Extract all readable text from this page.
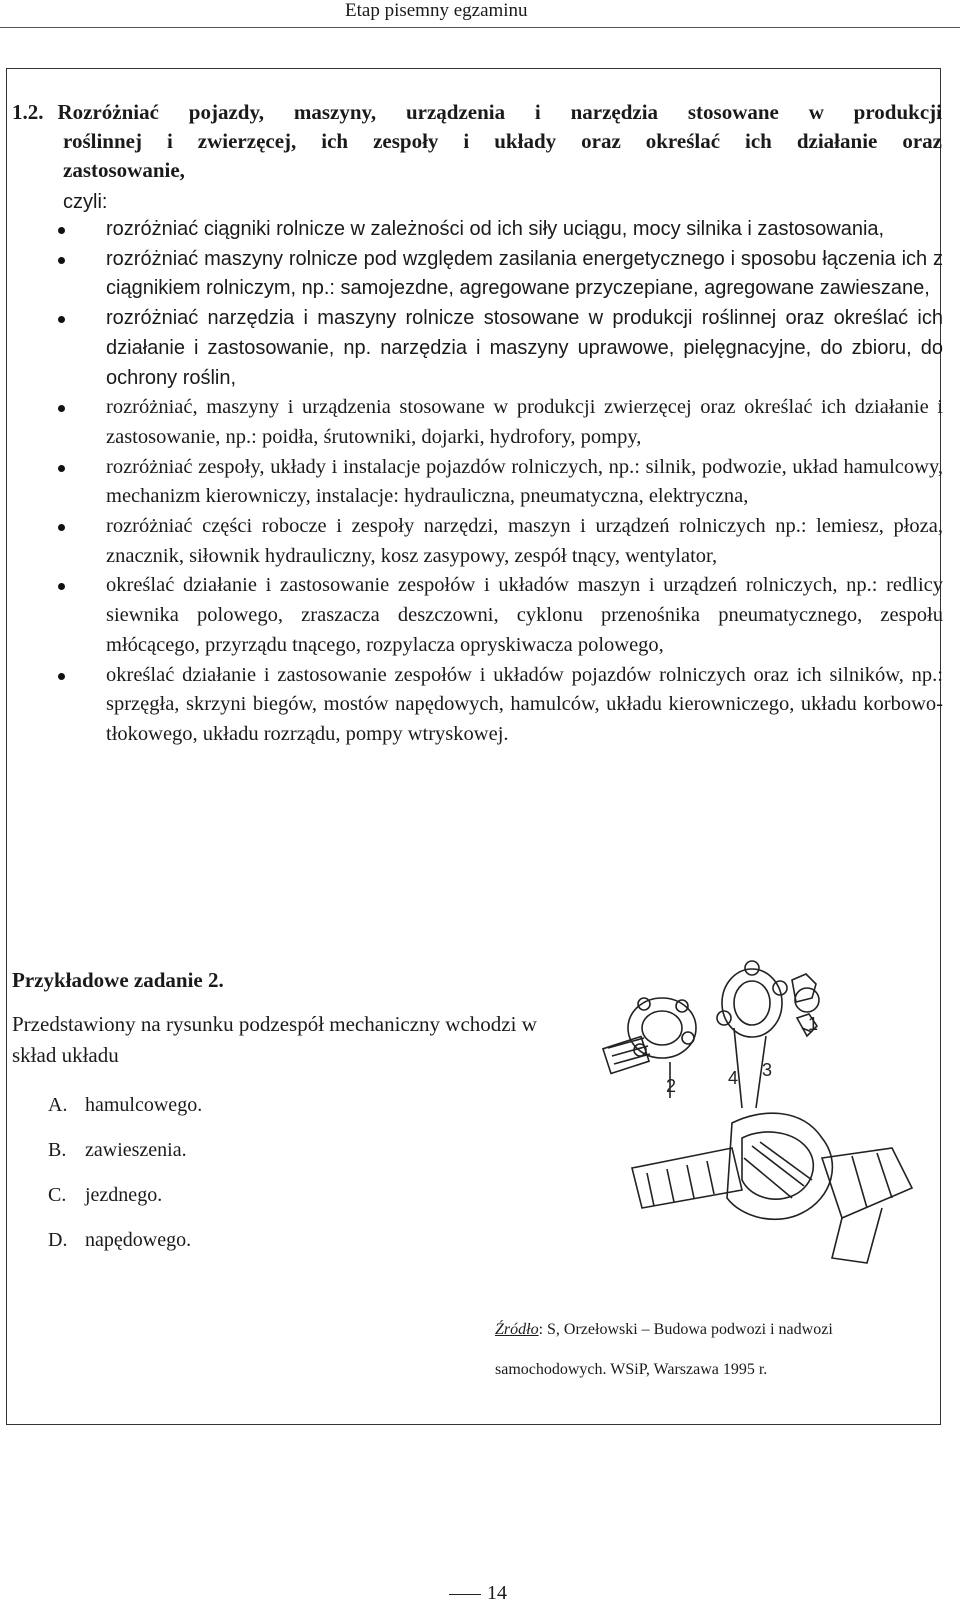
Etap pisemny egzaminu
1.2. Rozróżniać pojazdy, maszyny, urządzenia i narzędzia stosowane w produkcji
roślinnej i zwierzęcej, ich zespoły i układy oraz określać ich działanie oraz
zastosowanie,
czyli:
rozróżniać ciągniki rolnicze w zależności od ich siły uciągu, mocy silnika i zastosowania,
rozróżniać maszyny rolnicze pod względem zasilania energetycznego i sposobu łączenia ich z ciągnikiem rolniczym, np.: samojezdne, agregowane przyczepiane, agregowane zawieszane,
rozróżniać narzędzia i maszyny rolnicze stosowane w produkcji roślinnej oraz określać ich działanie i zastosowanie, np. narzędzia i maszyny uprawowe, pielęgnacyjne, do zbioru, do ochrony roślin,
rozróżniać, maszyny i urządzenia stosowane w produkcji zwierzęcej oraz określać ich działanie i zastosowanie, np.: poidła, śrutowniki, dojarki, hydrofory, pompy,
rozróżniać zespoły, układy i instalacje pojazdów rolniczych, np.: silnik, podwozie, układ hamulcowy, mechanizm kierowniczy, instalacje: hydrauliczna, pneumatyczna, elektryczna,
rozróżniać części robocze i zespoły narzędzi, maszyn i urządzeń rolniczych np.: lemiesz, płoza, znacznik, siłownik hydrauliczny, kosz zasypowy, zespół tnący, wentylator,
określać działanie i zastosowanie zespołów i układów maszyn i urządzeń rolniczych, np.: redlicy siewnika polowego, zraszacza deszczowni, cyklonu przenośnika pneumatycznego, zespołu młócącego, przyrządu tnącego, rozpylacza opryskiwacza polowego,
określać działanie i zastosowanie zespołów i układów pojazdów rolniczych oraz ich silników, np.: sprzęgła, skrzyni biegów, mostów napędowych, hamulców, układu kierowniczego, układu korbowo-tłokowego, układu rozrządu, pompy wtryskowej.
Przykładowe zadanie 2.
Przedstawiony na rysunku podzespół mechaniczny wchodzi w skład układu
A. hamulcowego.
B. zawieszenia.
C. jezdnego.
D. napędowego.
1
2
3
4
Źródło: S, Orzełowski – Budowa podwozi i nadwozi samochodowych. WSiP, Warszawa 1995 r.
14
